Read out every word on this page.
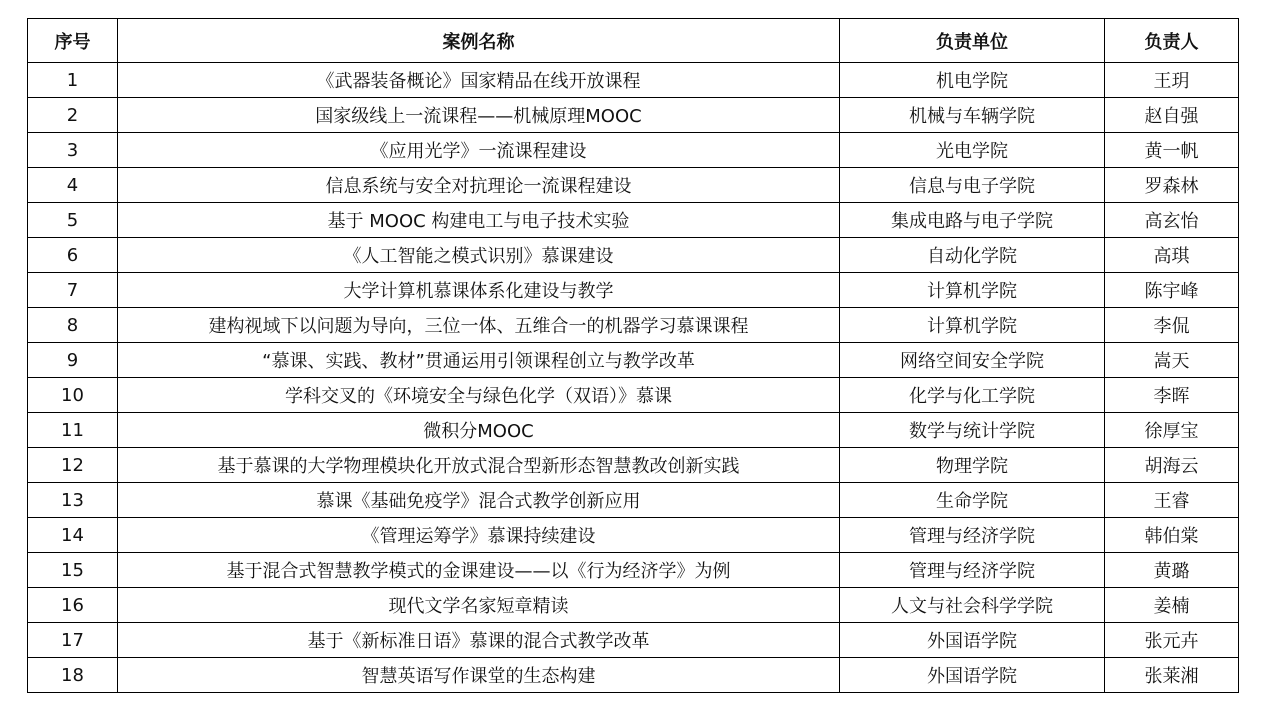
序号	案例名称	负责单位	负责人
1	《武器装备概论》国家精品在线开放课程	机电学院	王玥
2	国家级线上一流课程——机械原理MOOC	机械与车辆学院	赵自强
3	《应用光学》一流课程建设	光电学院	黄一帆
4	信息系统与安全对抗理论一流课程建设	信息与电子学院	罗森林
5	基于 MOOC 构建电工与电子技术实验	集成电路与电子学院	高玄怡
6	《人工智能之模式识别》慕课建设	自动化学院	高琪
7	大学计算机慕课体系化建设与教学	计算机学院	陈宇峰
8	建构视域下以问题为导向，三位一体、五维合一的机器学习慕课课程	计算机学院	李侃
9	“慕课、实践、教材”贯通运用引领课程创立与教学改革	网络空间安全学院	嵩天
10	学科交叉的《环境安全与绿色化学（双语）》慕课	化学与化工学院	李晖
11	微积分MOOC	数学与统计学院	徐厚宝
12	基于慕课的大学物理模块化开放式混合型新形态智慧教改创新实践	物理学院	胡海云
13	慕课《基础免疫学》混合式教学创新应用	生命学院	王睿
14	《管理运筹学》慕课持续建设	管理与经济学院	韩伯棠
15	基于混合式智慧教学模式的金课建设——以《行为经济学》为例	管理与经济学院	黄璐
16	现代文学名家短章精读	人文与社会科学学院	姜楠
17	基于《新标准日语》慕课的混合式教学改革	外国语学院	张元卉
18	智慧英语写作课堂的生态构建	外国语学院	张莱湘
